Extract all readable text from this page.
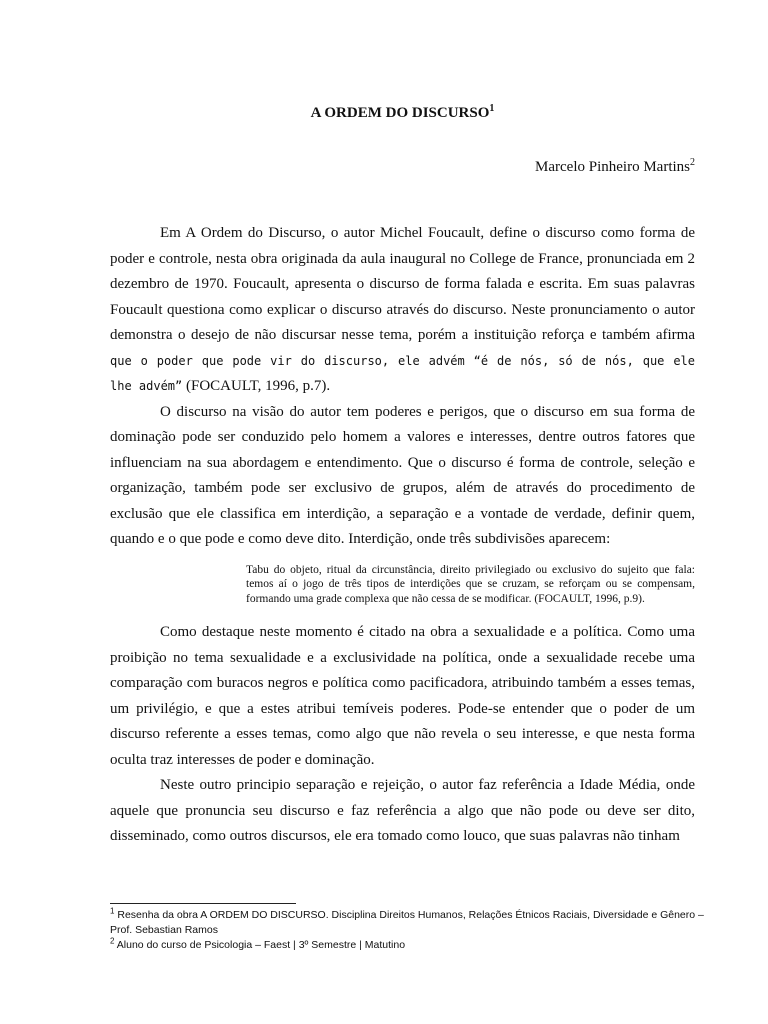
A ORDEM DO DISCURSO$^1$
Marcelo Pinheiro Martins$^2$

Em A Ordem do Discurso, o autor Michel Foucault, define o discurso como forma de poder e controle, nesta obra originada da aula inaugural no College de France, pronunciada em 2 dezembro de 1970. Foucault, apresenta o discurso de forma falada e escrita. Em suas palavras Foucault questiona como explicar o discurso através do discurso. Neste pronunciamento o autor demonstra o desejo de não discursar nesse tema, porém a instituição reforça e também afirma que o poder que pode vir do discurso, ele advém “é de nós, só de nós, que ele lhe advém” (FOCAULT, 1996, p.7).

O discurso na visão do autor tem poderes e perigos, que o discurso em sua forma de dominação pode ser conduzido pelo homem a valores e interesses, dentre outros fatores que influenciam na sua abordagem e entendimento. Que o discurso é forma de controle, seleção e organização, também pode ser exclusivo de grupos, além de através do procedimento de exclusão que ele classifica em interdição, a separação e a vontade de verdade, definir quem, quando e o que pode e como deve dito. Interdição, onde três subdivisões aparecem:

Tabu do objeto, ritual da circunstância, direito privilegiado ou exclusivo do sujeito que fala: temos aí o jogo de três tipos de interdições que se cruzam, se reforçam ou se compensam, formando uma grade complexa que não cessa de se modificar. (FOCAULT, 1996, p.9).

Como destaque neste momento é citado na obra a sexualidade e a política. Como uma proibição no tema sexualidade e a exclusividade na política, onde a sexualidade recebe uma comparação com buracos negros e política como pacificadora, atribuindo também a esses temas, um privilégio, e que a estes atribui temíveis poderes. Pode-se entender que o poder de um discurso referente a esses temas, como algo que não revela o seu interesse, e que nesta forma oculta traz interesses de poder e dominação.

Neste outro principio separação e rejeição, o autor faz referência a Idade Média, onde aquele que pronuncia seu discurso e faz referência a algo que não pode ou deve ser dito, disseminado, como outros discursos, ele era tomado como louco, que suas palavras não tinham

$^1$ Resenha da obra A ORDEM DO DISCURSO. Disciplina Direitos Humanos, Relações Étnicos Raciais, Diversidade e Gênero – Prof. Sebastian Ramos
$^2$ Aluno do curso de Psicologia – Faest | 3º Semestre | Matutino
